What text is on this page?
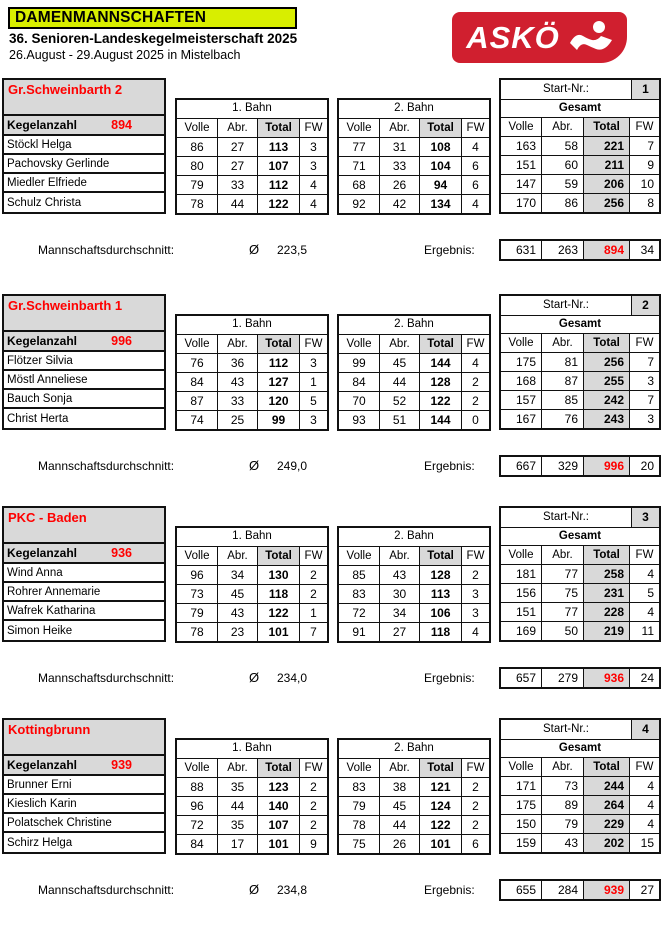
DAMENMANNSCHAFTEN
36. Senioren-Landeskegelmeisterschaft 2025
26.August - 29.August 2025 in Mistelbach
ASKÖ
Gr.Schweinbarth 2
Kegelanzahl	894
Stöckl Helga
Pachovsky Gerlinde
Miedler Elfriede
Schulz Christa
1. Bahn
Volle	Abr.	Total	FW
86	27	113	3
80	27	107	3
79	33	112	4
78	44	122	4
2. Bahn
Volle	Abr.	Total	FW
77	31	108	4
71	33	104	6
68	26	94	6
92	42	134	4
Start-Nr.:	1
Gesamt
Volle	Abr.	Total	FW
163	58	221	7
151	60	211	9
147	59	206	10
170	86	256	8
Mannschaftsdurchschnitt:	Ø 223,5	Ergebnis:	631	263	894	34
Gr.Schweinbarth 1
Kegelanzahl	996
Flötzer Silvia
Möstl Anneliese
Bauch Sonja
Christ Herta
1. Bahn
Volle	Abr.	Total	FW
76	36	112	3
84	43	127	1
87	33	120	5
74	25	99	3
2. Bahn
Volle	Abr.	Total	FW
99	45	144	4
84	44	128	2
70	52	122	2
93	51	144	0
Start-Nr.:	2
Gesamt
Volle	Abr.	Total	FW
175	81	256	7
168	87	255	3
157	85	242	7
167	76	243	3
Mannschaftsdurchschnitt:	Ø 249,0	Ergebnis:	667	329	996	20
PKC - Baden
Kegelanzahl	936
Wind Anna
Rohrer Annemarie
Wafrek Katharina
Simon Heike
1. Bahn
Volle	Abr.	Total	FW
96	34	130	2
73	45	118	2
79	43	122	1
78	23	101	7
2. Bahn
Volle	Abr.	Total	FW
85	43	128	2
83	30	113	3
72	34	106	3
91	27	118	4
Start-Nr.:	3
Gesamt
Volle	Abr.	Total	FW
181	77	258	4
156	75	231	5
151	77	228	4
169	50	219	11
Mannschaftsdurchschnitt:	Ø 234,0	Ergebnis:	657	279	936	24
Kottingbrunn
Kegelanzahl	939
Brunner Erni
Kieslich Karin
Polatschek Christine
Schirz Helga
1. Bahn
Volle	Abr.	Total	FW
88	35	123	2
96	44	140	2
72	35	107	2
84	17	101	9
2. Bahn
Volle	Abr.	Total	FW
83	38	121	2
79	45	124	2
78	44	122	2
75	26	101	6
Start-Nr.:	4
Gesamt
Volle	Abr.	Total	FW
171	73	244	4
175	89	264	4
150	79	229	4
159	43	202	15
Mannschaftsdurchschnitt:	Ø 234,8	Ergebnis:	655	284	939	27
